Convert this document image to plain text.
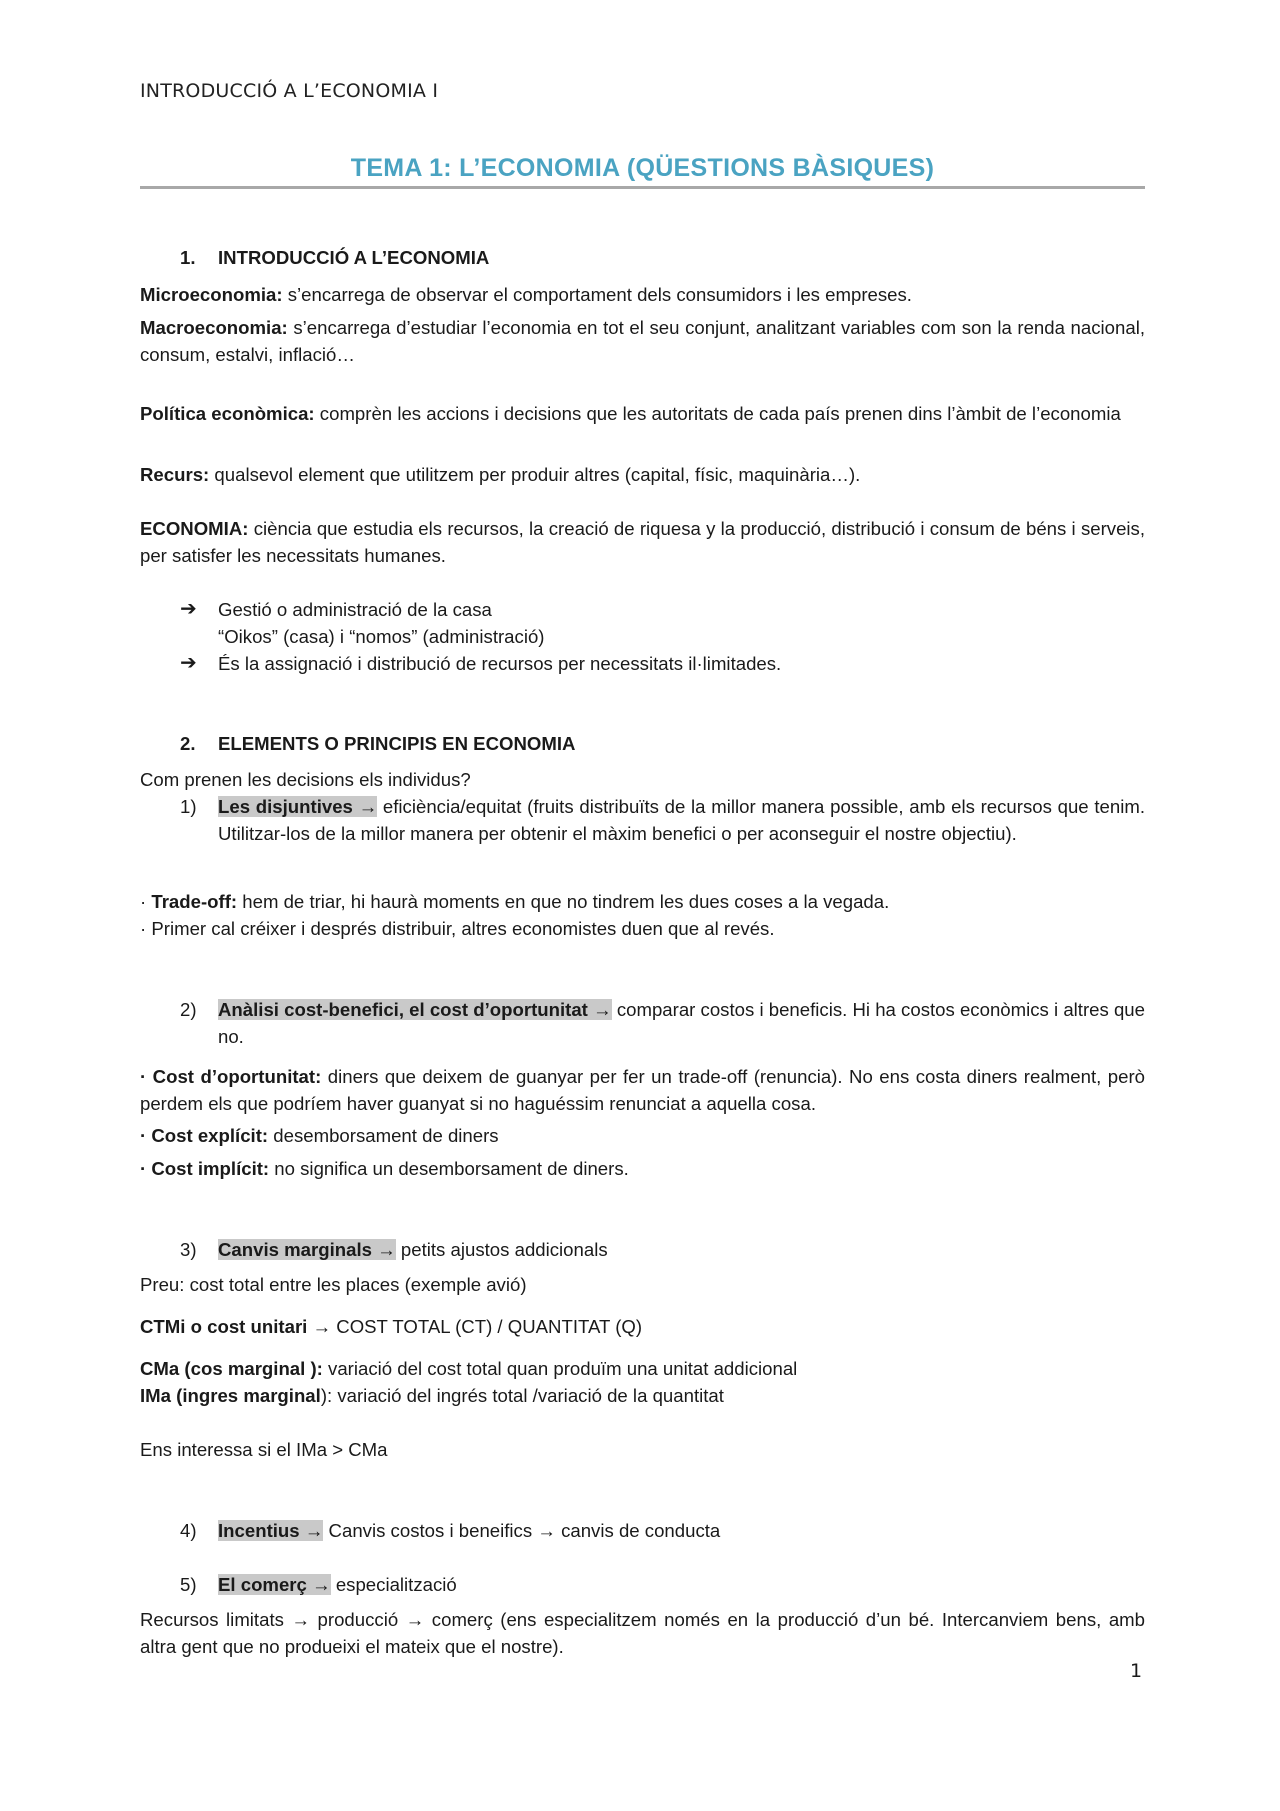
INTRODUCCIÓ A L’ECONOMIA I
TEMA 1: L’ECONOMIA (QÜESTIONS BÀSIQUES)
1. INTRODUCCIÓ A L’ECONOMIA
Microeconomia: s’encarrega de observar el comportament dels consumidors i les empreses.
Macroeconomia: s’encarrega d’estudiar l’economia en tot el seu conjunt, analitzant variables com son la renda nacional, consum, estalvi, inflació…
Política econòmica: comprèn les accions i decisions que les autoritats de cada país prenen dins l’àmbit de l’economia
Recurs: qualsevol element que utilitzem per produir altres (capital, físic, maquinària…).
ECONOMIA: ciència que estudia els recursos, la creació de riquesa y la producció, distribució i consum de béns i serveis, per satisfer les necessitats humanes.
➔	Gestió o administració de la casa
“Oikos” (casa) i “nomos” (administració)
➔	És la assignació i distribució de recursos per necessitats il·limitades.
2. ELEMENTS O PRINCIPIS EN ECONOMIA
Com prenen les decisions els individus?
1) Les disjuntives → eficiència/equitat (fruits distribuïts de la millor manera possible, amb els recursos que tenim. Utilitzar-los de la millor manera per obtenir el màxim benefici o per aconseguir el nostre objectiu).
· Trade-off: hem de triar, hi haurà moments en que no tindrem les dues coses a la vegada.
· Primer cal créixer i després distribuir, altres economistes duen que al revés.
2) Anàlisi cost-benefici, el cost d’oportunitat → comparar costos i beneficis. Hi ha costos econòmics i altres que no.
· Cost d’oportunitat: diners que deixem de guanyar per fer un trade-off (renuncia). No ens costa diners realment, però perdem els que podríem haver guanyat si no haguéssim renunciat a aquella cosa.
· Cost explícit: desemborsament de diners
· Cost implícit: no significa un desemborsament de diners.
3) Canvis marginals → petits ajustos addicionals
Preu: cost total entre les places (exemple avió)
CTMi o cost unitari → COST TOTAL (CT) / QUANTITAT (Q)
CMa (cos marginal ): variació del cost total quan produïm una unitat addicional
IMa (ingres marginal): variació del ingrés total /variació de la quantitat
Ens interessa si el IMa > CMa
4) Incentius → Canvis costos i beneifics → canvis de conducta
5) El comerç → especialització
Recursos limitats → producció → comerç (ens especialitzem només en la producció d’un bé. Intercanviem bens, amb altra gent que no produeixi el mateix que el nostre).
1
